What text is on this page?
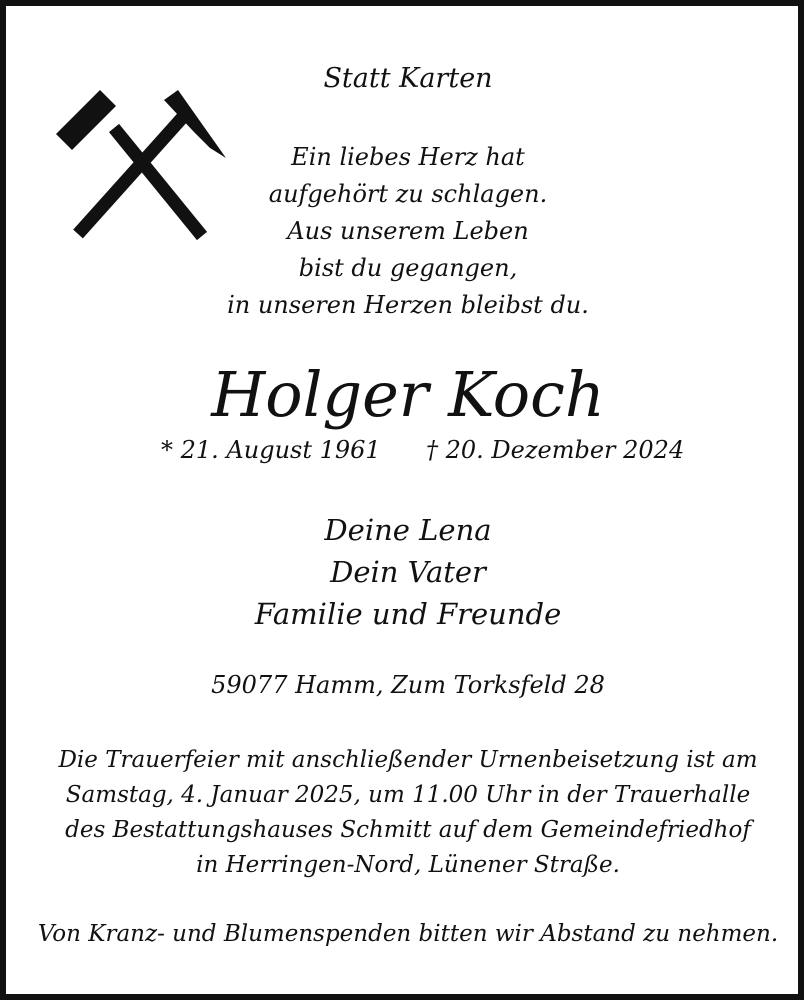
Statt Karten
Ein liebes Herz hat
aufgehört zu schlagen.
Aus unserem Leben
bist du gegangen,
in unseren Herzen bleibst du.
Holger Koch
* 21. August 1961 † 20. Dezember 2024
Deine Lena
Dein Vater
Familie und Freunde
59077 Hamm, Zum Torksfeld 28
Die Trauerfeier mit anschließender Urnenbeisetzung ist am
Samstag, 4. Januar 2025, um 11.00 Uhr in der Trauerhalle
des Bestattungshauses Schmitt auf dem Gemeindefriedhof
in Herringen-Nord, Lünener Straße.
Von Kranz- und Blumenspenden bitten wir Abstand zu nehmen.
